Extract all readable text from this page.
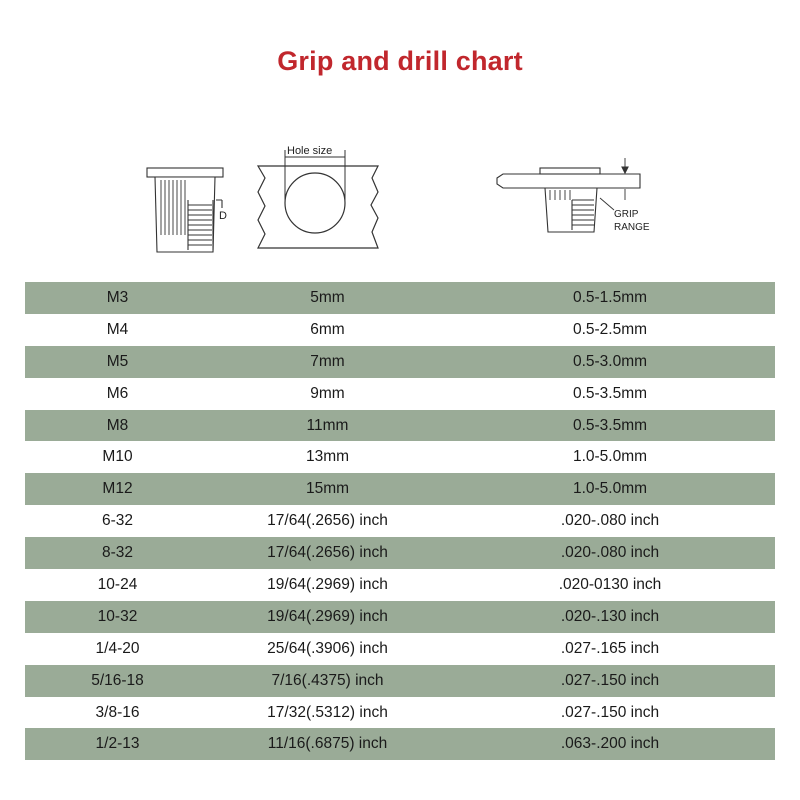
Grip and drill chart
D
Hole size
GRIP
RANGE
M3	5mm	0.5-1.5mm
M4	6mm	0.5-2.5mm
M5	7mm	0.5-3.0mm
M6	9mm	0.5-3.5mm
M8	11mm	0.5-3.5mm
M10	13mm	1.0-5.0mm
M12	15mm	1.0-5.0mm
6-32	17/64(.2656) inch	.020-.080 inch
8-32	17/64(.2656) inch	.020-.080 inch
10-24	19/64(.2969) inch	.020-0130 inch
10-32	19/64(.2969) inch	.020-.130 inch
1/4-20	25/64(.3906) inch	.027-.165 inch
5/16-18	7/16(.4375) inch	.027-.150 inch
3/8-16	17/32(.5312) inch	.027-.150 inch
1/2-13	11/16(.6875) inch	.063-.200 inch
